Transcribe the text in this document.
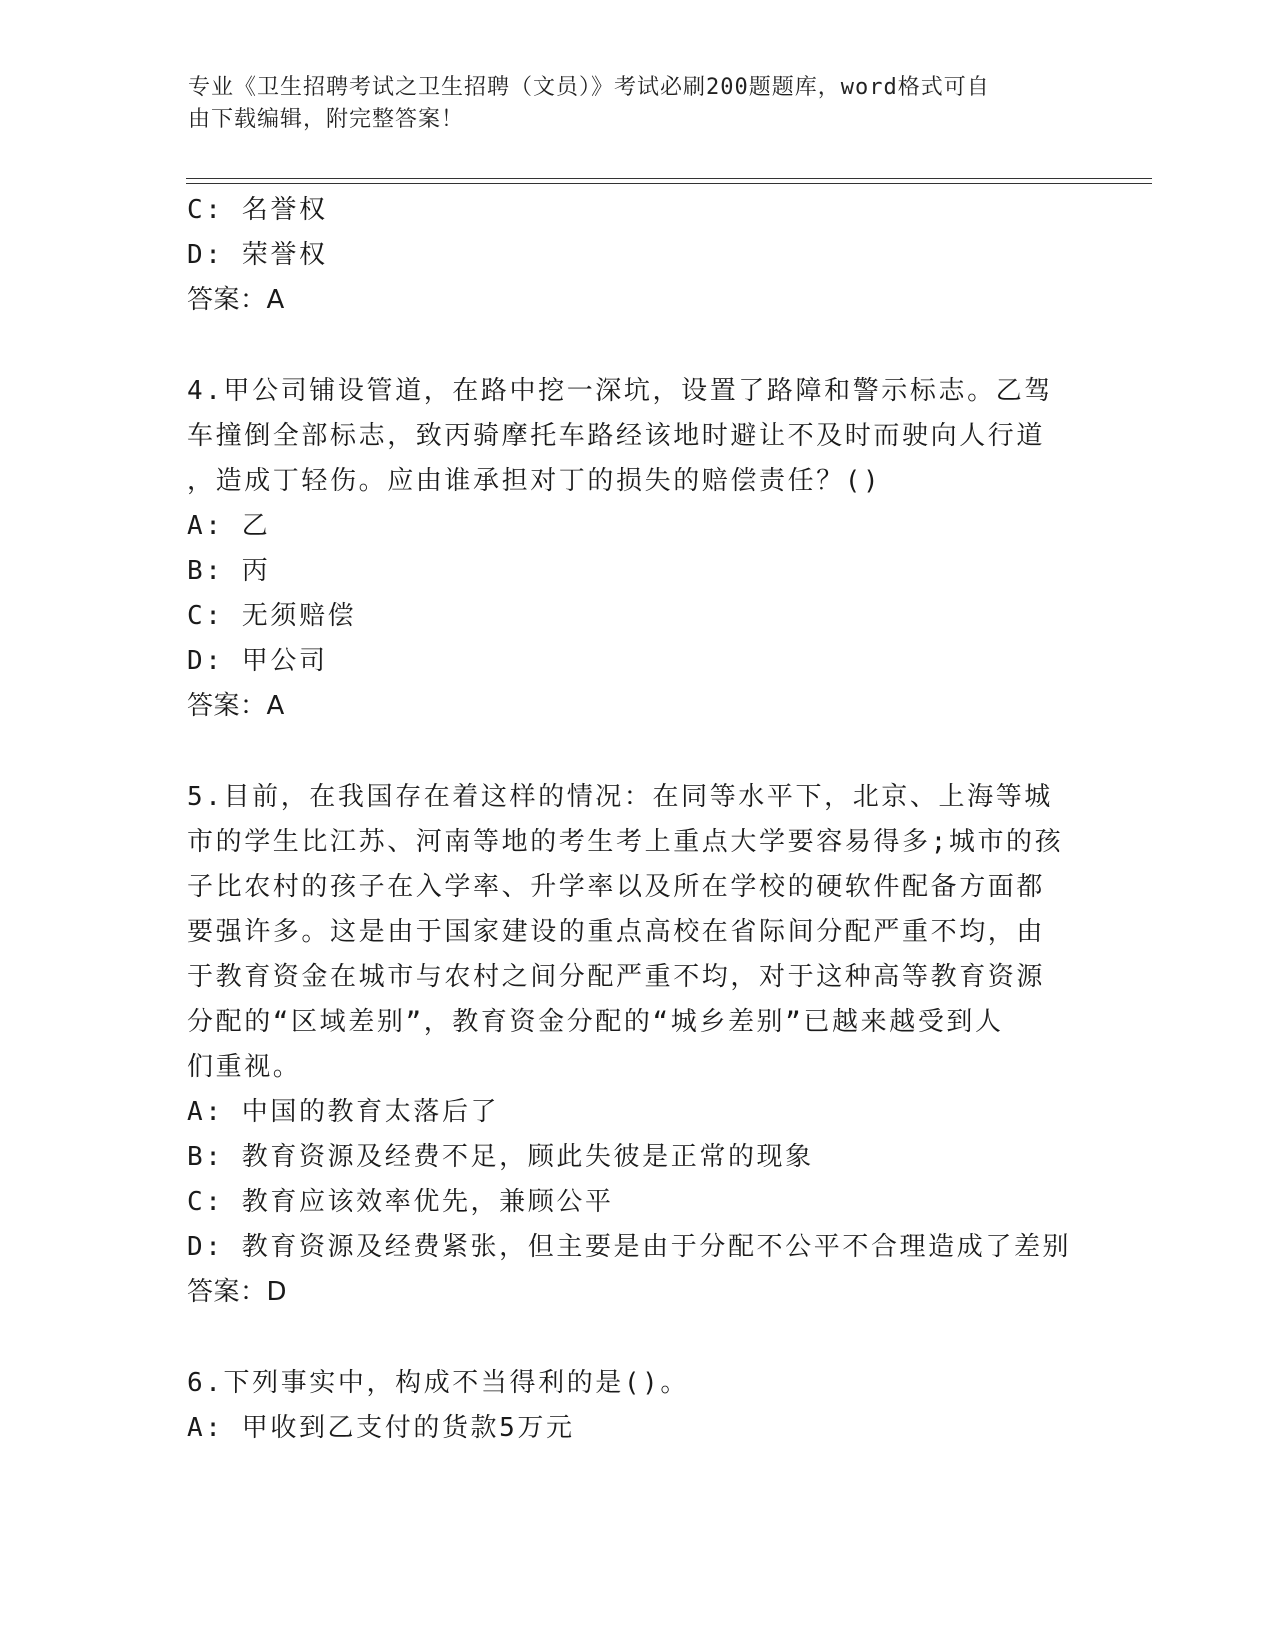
专业《卫生招聘考试之卫生招聘（文员）》考试必刷200题题库，word格式可自
由下载编辑，附完整答案！
C: 名誉权
D: 荣誉权
答案：A
4.甲公司铺设管道，在路中挖一深坑，设置了路障和警示标志。乙驾
车撞倒全部标志，致丙骑摩托车路经该地时避让不及时而驶向人行道
，造成丁轻伤。应由谁承担对丁的损失的赔偿责任？()
A: 乙
B: 丙
C: 无须赔偿
D: 甲公司
答案：A
5.目前，在我国存在着这样的情况：在同等水平下，北京、上海等城
市的学生比江苏、河南等地的考生考上重点大学要容易得多;城市的孩
子比农村的孩子在入学率、升学率以及所在学校的硬软件配备方面都
要强许多。这是由于国家建设的重点高校在省际间分配严重不均，由
于教育资金在城市与农村之间分配严重不均，对于这种高等教育资源
分配的“区域差别”，教育资金分配的“城乡差别”已越来越受到人
们重视。
A: 中国的教育太落后了
B: 教育资源及经费不足，顾此失彼是正常的现象
C: 教育应该效率优先，兼顾公平
D: 教育资源及经费紧张，但主要是由于分配不公平不合理造成了差别
答案：D
6.下列事实中，构成不当得利的是()。
A: 甲收到乙支付的货款5万元
